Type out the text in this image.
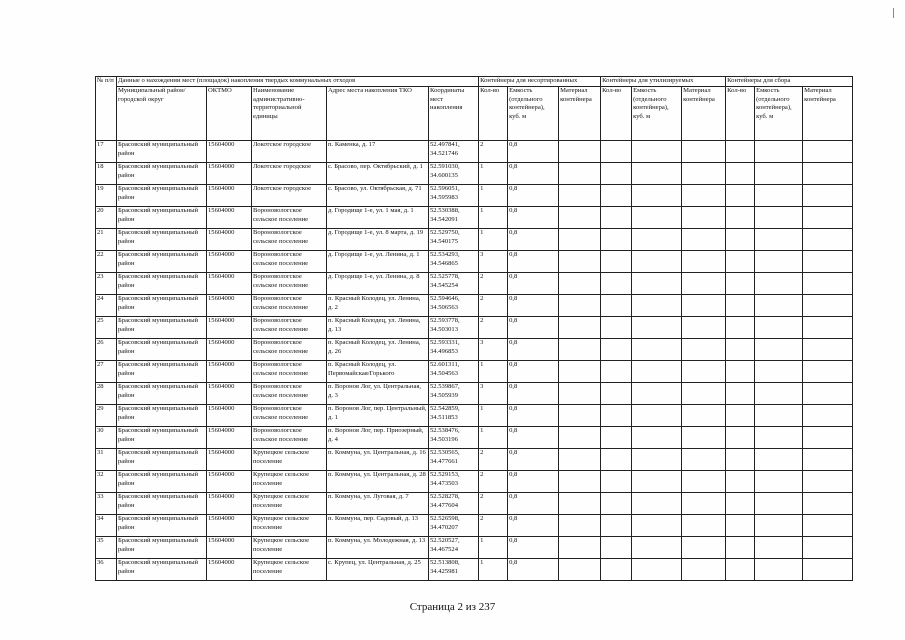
№ п/п	Данные о нахождении мест (площадок) накопления твердых коммунальных отходов					Контейнеры для несортированных			Контейнеры для утилизируемых			Контейнеры для сбора		
	Муниципальный район/городской округ	ОКТМО	Наименование административно-территориальной единицы	Адрес места накопления ТКО	Координаты мест накопления	Кол-во	Емкость (отдельного контейнера), куб. м	Материал контейнера	Кол-во	Емкость (отдельного контейнера), куб. м	Материал контейнера	Кол-во	Емкость (отдельного контейнера), куб. м	Материал контейнера
17	Брасовский муниципальный район	15604000	Локотское городское	п. Каменка, д. 17	52.497841, 34.521746	2	0,8							
18	Брасовский муниципальный район	15604000	Локотское городское	с. Брасово, пер. Октябрьский, д. 1	52.591030, 34.600135	1	0,8							
19	Брасовский муниципальный район	15604000	Локотское городское	с. Брасово, ул. Октябрьская, д. 71	52.596051, 34.595983	1	0,8							
20	Брасовский муниципальный район	15604000	Вороновологское сельское поселение	д. Городище 1-е, ул. 1 мая, д. 1	52.530388, 34.542091	1	0,8							
21	Брасовский муниципальный район	15604000	Вороновологское сельское поселение	д. Городище 1-е, ул. 8 марта, д. 19	52.529750, 34.540175	1	0,8							
22	Брасовский муниципальный район	15604000	Вороновологское сельское поселение	д. Городище 1-е, ул. Ленина, д. 1	52.534293, 34.546865	3	0,8							
23	Брасовский муниципальный район	15604000	Вороновологское сельское поселение	д. Городище 1-е, ул. Ленина, д. 8	52.525778, 34.545254	2	0,8							
24	Брасовский муниципальный район	15604000	Вороновологское сельское поселение	п. Красный Колодец, ул. Ленина, д. 2	52.594646, 34.506563	2	0,8							
25	Брасовский муниципальный район	15604000	Вороновологское сельское поселение	п. Красный Колодец, ул. Ленина, д. 13	52.593778, 34.503013	2	0,8							
26	Брасовский муниципальный район	15604000	Вороновологское сельское поселение	п. Красный Колодец, ул. Ленина, д. 26	52.593331, 34.496853	3	0,8							
27	Брасовский муниципальный район	15604000	Вороновологское сельское поселение	п. Красный Колодец, ул. Первомайская/Горького	52.601311, 34.504563	1	0,8							
28	Брасовский муниципальный район	15604000	Вороновологское сельское поселение	п. Воронов Лог, ул. Центральная, д. 3	52.539867, 34.505939	3	0,8							
29	Брасовский муниципальный район	15604000	Вороновологское сельское поселение	п. Воронов Лог, пер. Центральный, д. 1	52.542859, 34.511853	1	0,8							
30	Брасовский муниципальный район	15604000	Вороновологское сельское поселение	п. Воронов Лог, пер. Приозерный, д. 4	52.538476, 34.503196	1	0,8							
31	Брасовский муниципальный район	15604000	Крупецкое сельское поселение	п. Коммуна, ул. Центральная, д. 16	52.530565, 34.477661	2	0,8							
32	Брасовский муниципальный район	15604000	Крупецкое сельское поселение	п. Коммуна, ул. Центральная, д. 28	52.529153, 34.473503	2	0,8							
33	Брасовский муниципальный район	15604000	Крупецкое сельское поселение	п. Коммуна, ул. Луговая, д. 7	52.528278, 34.477604	2	0,8							
34	Брасовский муниципальный район	15604000	Крупецкое сельское поселение	п. Коммуна, пер. Садовый, д. 13	52.526598, 34.470207	2	0,8							
35	Брасовский муниципальный район	15604000	Крупецкое сельское поселение	п. Коммуна, ул. Молодежная, д. 13	52.520527, 34.467524	1	0,8							
36	Брасовский муниципальный район	15604000	Крупецкое сельское поселение	с. Крупец, ул. Центральная, д. 25	52.513808, 34.425981	1	0,8							
Страница 2 из 237
